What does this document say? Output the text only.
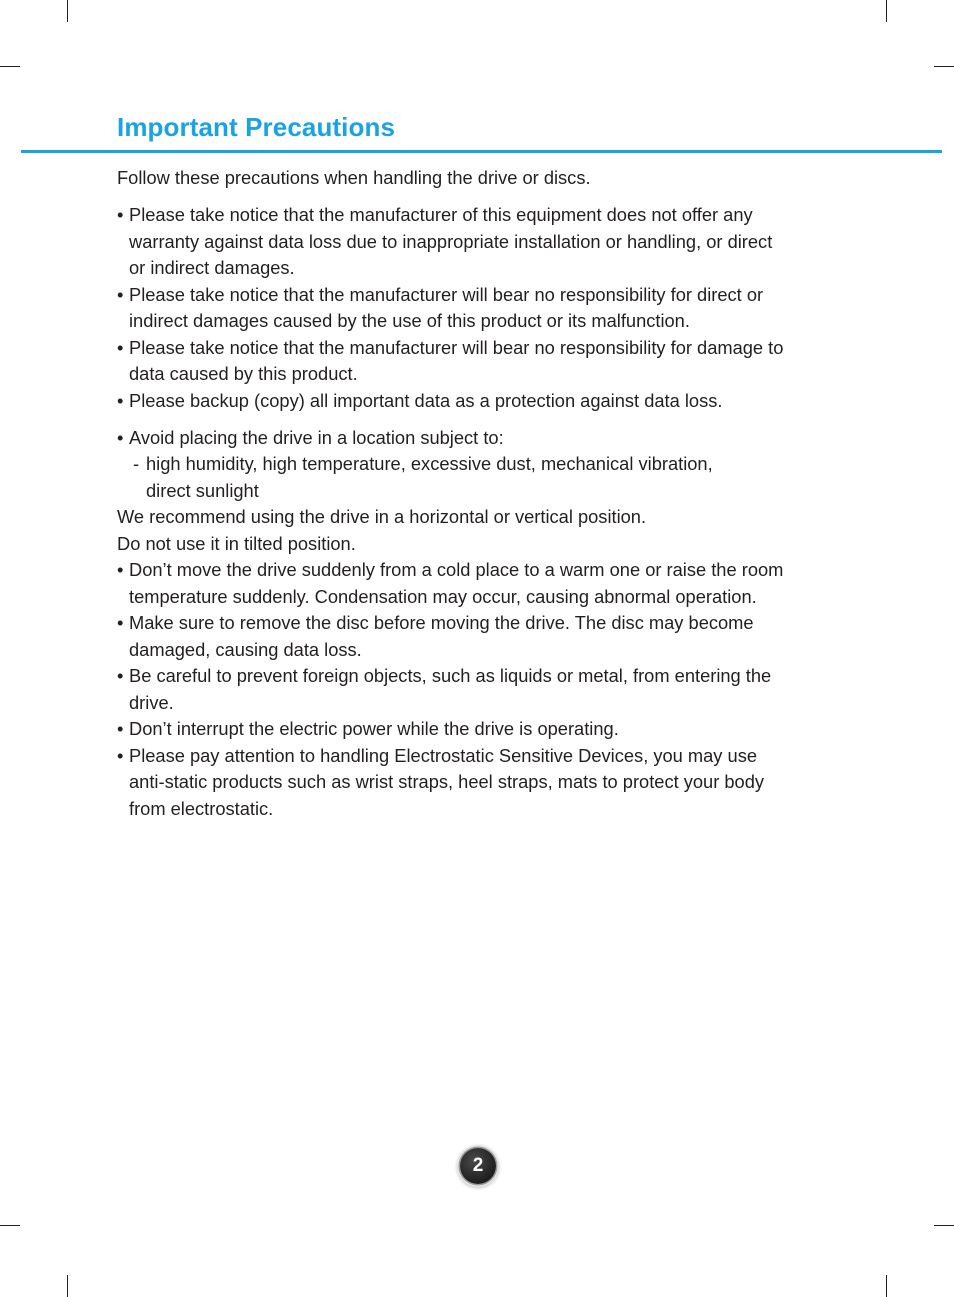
Important Precautions

Follow these precautions when handling the drive or discs.

• Please take notice that the manufacturer of this equipment does not offer any
warranty against data loss due to inappropriate installation or handling, or direct
or indirect damages.

• Please take notice that the manufacturer will bear no responsibility for direct or
indirect damages caused by the use of this product or its malfunction.

• Please take notice that the manufacturer will bear no responsibility for damage to
data caused by this product.

• Please backup (copy) all important data as a protection against data loss.

• Avoid placing the drive in a location subject to:

- high humidity, high temperature, excessive dust, mechanical vibration,
direct sunlight

We recommend using the drive in a horizontal or vertical position.

Do not use it in tilted position.

• Don’t move the drive suddenly from a cold place to a warm one or raise the room
temperature suddenly. Condensation may occur, causing abnormal operation.

• Make sure to remove the disc before moving the drive. The disc may become
damaged, causing data loss.

• Be careful to prevent foreign objects, such as liquids or metal, from entering the
drive.

• Don’t interrupt the electric power while the drive is operating.

• Please pay attention to handling Electrostatic Sensitive Devices, you may use
anti-static products such as wrist straps, heel straps, mats to protect your body
from electrostatic.

2
